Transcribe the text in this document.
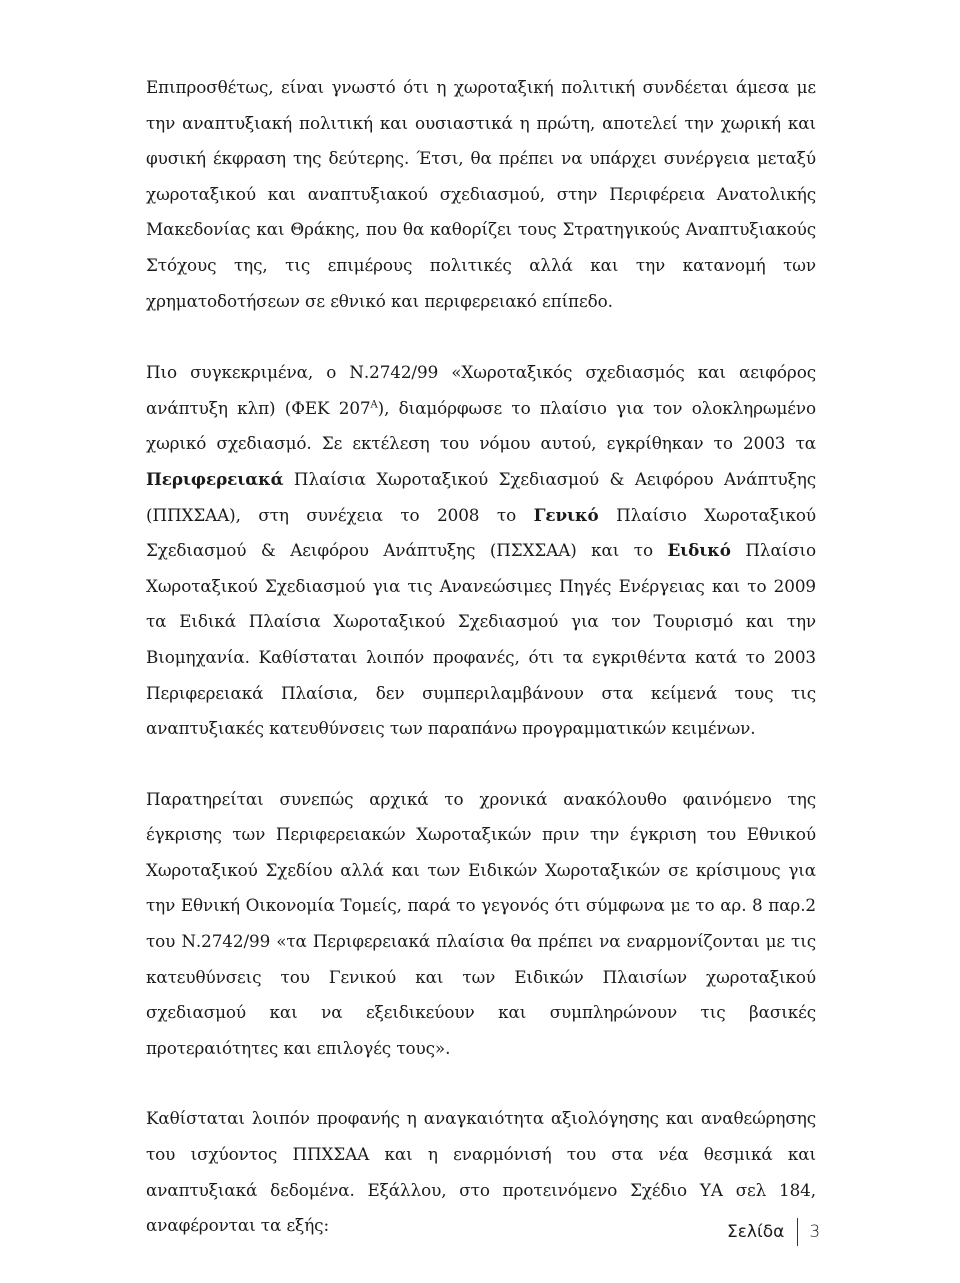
Επιπροσθέτως, είναι γνωστό ότι η χωροταξική πολιτική συνδέεται άμεσα με την αναπτυξιακή πολιτική και ουσιαστικά η πρώτη, αποτελεί την χωρική και φυσική έκφραση της δεύτερης. Έτσι, θα πρέπει να υπάρχει συνέργεια μεταξύ χωροταξικού και αναπτυξιακού σχεδιασμού, στην Περιφέρεια Ανατολικής Μακεδονίας και Θράκης, που θα καθορίζει τους Στρατηγικούς Αναπτυξιακούς Στόχους της, τις επιμέρους πολιτικές αλλά και την κατανομή των χρηματοδοτήσεων σε εθνικό και περιφερειακό επίπεδο.

Πιο συγκεκριμένα, ο Ν.2742/99 «Χωροταξικός σχεδιασμός και αειφόρος ανάπτυξη κλπ) (ΦΕΚ $207^A$), διαμόρφωσε το πλαίσιο για τον ολοκληρωμένο χωρικό σχεδιασμό. Σε εκτέλεση του νόμου αυτού, εγκρίθηκαν το 2003 τα Περιφερειακά Πλαίσια Χωροταξικού Σχεδιασμού & Αειφόρου Ανάπτυξης (ΠΠΧΣΑΑ), στη συνέχεια το 2008 το Γενικό Πλαίσιο Χωροταξικού Σχεδιασμού & Αειφόρου Ανάπτυξης (ΠΣΧΣΑΑ) και το Ειδικό Πλαίσιο Χωροταξικού Σχεδιασμού για τις Ανανεώσιμες Πηγές Ενέργειας και το 2009 τα Ειδικά Πλαίσια Χωροταξικού Σχεδιασμού για τον Τουρισμό και την Βιομηχανία. Καθίσταται λοιπόν προφανές, ότι τα εγκριθέντα κατά το 2003 Περιφερειακά Πλαίσια, δεν συμπεριλαμβάνουν στα κείμενά τους τις αναπτυξιακές κατευθύνσεις των παραπάνω προγραμματικών κειμένων.

Παρατηρείται συνεπώς αρχικά το χρονικά ανακόλουθο φαινόμενο της έγκρισης των Περιφερειακών Χωροταξικών πριν την έγκριση του Εθνικού Χωροταξικού Σχεδίου αλλά και των Ειδικών Χωροταξικών σε κρίσιμους για την Εθνική Οικονομία Τομείς, παρά το γεγονός ότι σύμφωνα με το αρ. 8 παρ.2 του Ν.2742/99 «τα Περιφερειακά πλαίσια θα πρέπει να εναρμονίζονται με τις κατευθύνσεις του Γενικού και των Ειδικών Πλαισίων χωροταξικού σχεδιασμού και να εξειδικεύουν και συμπληρώνουν τις βασικές προτεραιότητες και επιλογές τους».

Καθίσταται λοιπόν προφανής η αναγκαιότητα αξιολόγησης και αναθεώρησης του ισχύοντος ΠΠΧΣΑΑ και η εναρμόνισή του στα νέα θεσμικά και αναπτυξιακά δεδομένα. Εξάλλου, στο προτεινόμενο Σχέδιο ΥΑ σελ 184, αναφέρονται τα εξής:	Σελίδα 3
